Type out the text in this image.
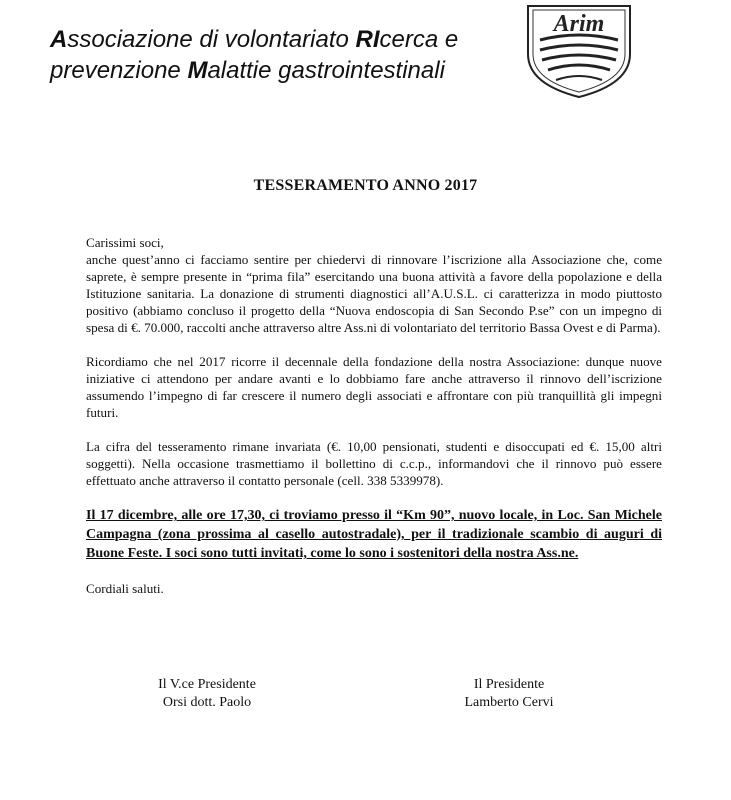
Associazione di volontariato RIcerca e
prevenzione Malattie gastrointestinali
Arim
TESSERAMENTO ANNO 2017

Carissimi soci,

anche quest’anno ci facciamo sentire per chiedervi di rinnovare l’iscrizione alla Associazione che, come saprete, è sempre presente in “prima fila” esercitando una buona attività a favore della popolazione e della Istituzione sanitaria. La donazione di strumenti diagnostici all’A.U.S.L. ci caratterizza in modo piuttosto positivo (abbiamo concluso il progetto della “Nuova endoscopia di San Secondo P.se” con un impegno di spesa di €. 70.000, raccolti anche attraverso altre Ass.ni di volontariato del territorio Bassa Ovest e di Parma).

Ricordiamo che nel 2017 ricorre il decennale della fondazione della nostra Associazione: dunque nuove iniziative ci attendono per andare avanti e lo dobbiamo fare anche attraverso il rinnovo dell’iscrizione assumendo l’impegno di far crescere il numero degli associati e affrontare con più tranquillità gli impegni futuri.

La cifra del tesseramento rimane invariata (€. 10,00 pensionati, studenti e disoccupati ed €. 15,00 altri soggetti). Nella occasione trasmettiamo il bollettino di c.c.p., informandovi che il rinnovo può essere effettuato anche attraverso il contatto personale (cell. 338 5339978).

Il 17 dicembre, alle ore 17,30, ci troviamo presso il “Km 90”, nuovo locale, in Loc. San Michele Campagna (zona prossima al casello autostradale), per il tradizionale scambio di auguri di Buone Feste. I soci sono tutti invitati, come lo sono i sostenitori della nostra Ass.ne.

Cordiali saluti.

Il V.ce Presidente
Orsi dott. Paolo
Il Presidente
Lamberto Cervi
